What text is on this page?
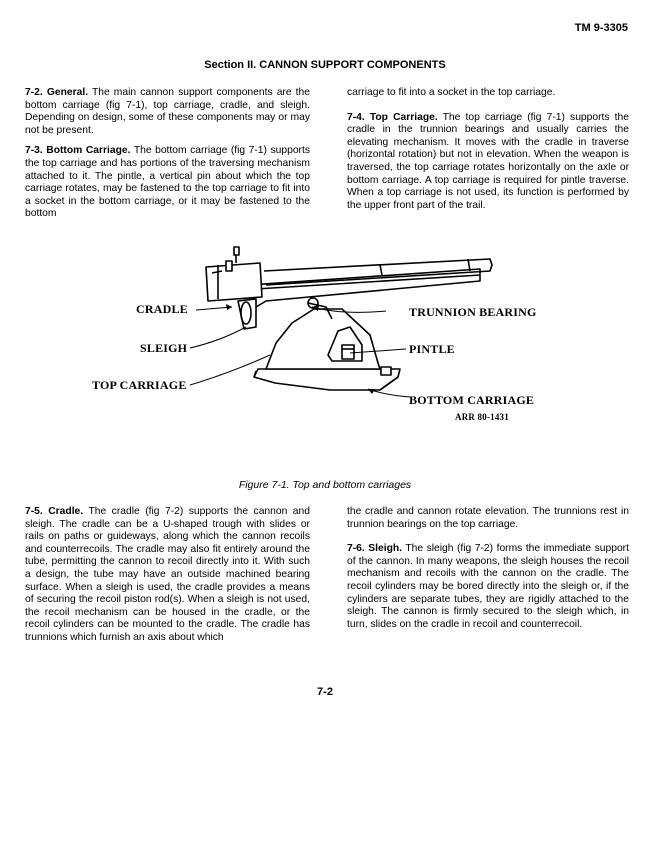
TM 9-3305
Section II. CANNON SUPPORT COMPONENTS

7-2. General. The main cannon support components are the bottom carriage (fig 7-1), top carriage, cradle, and sleigh. Depending on design, some of these components may or may not be present.

7-3. Bottom Carriage. The bottom carriage (fig 7-1) supports the top carriage and has portions of the traversing mechanism attached to it. The pintle, a vertical pin about which the top carriage rotates, may be fastened to the top carriage to fit into a socket in the bottom carriage, or it may be fastened to the bottom

carriage to fit into a socket in the top carriage.

7-4. Top Carriage. The top carriage (fig 7-1) supports the cradle in the trunnion bearings and usually carries the elevating mechanism. It moves with the cradle in traverse (horizontal rotation) but not in elevation. When the weapon is traversed, the top carriage rotates horizontally on the axle or bottom carriage. A top carriage is required for pintle traverse. When a top carriage is not used, its function is performed by the upper front part of the trail.

CRADLE
SLEIGH
TOP CARRIAGE
TRUNNION BEARING
PINTLE
BOTTOM CARRIAGE
ARR 80-1431
Figure 7-1. Top and bottom carriages

7-5. Cradle. The cradle (fig 7-2) supports the cannon and sleigh. The cradle can be a U-shaped trough with slides or rails on paths or guideways, along which the cannon recoils and counterrecoils. The cradle may also fit entirely around the tube, permitting the cannon to recoil directly into it. With such a design, the tube may have an outside machined bearing surface. When a sleigh is used, the cradle provides a means of securing the recoil piston rod(s). When a sleigh is not used, the recoil mechanism can be housed in the cradle, or the recoil cylinders can be mounted to the cradle. The cradle has trunnions which furnish an axis about which

the cradle and cannon rotate elevation. The trunnions rest in trunnion bearings on the top carriage.

7-6. Sleigh. The sleigh (fig 7-2) forms the immediate support of the cannon. In many weapons, the sleigh houses the recoil mechanism and recoils with the cannon on the cradle. The recoil cylinders may be bored directly into the sleigh or, if the cylinders are separate tubes, they are rigidly attached to the sleigh. The cannon is firmly secured to the sleigh which, in turn, slides on the cradle in recoil and counterrecoil.

7-2
